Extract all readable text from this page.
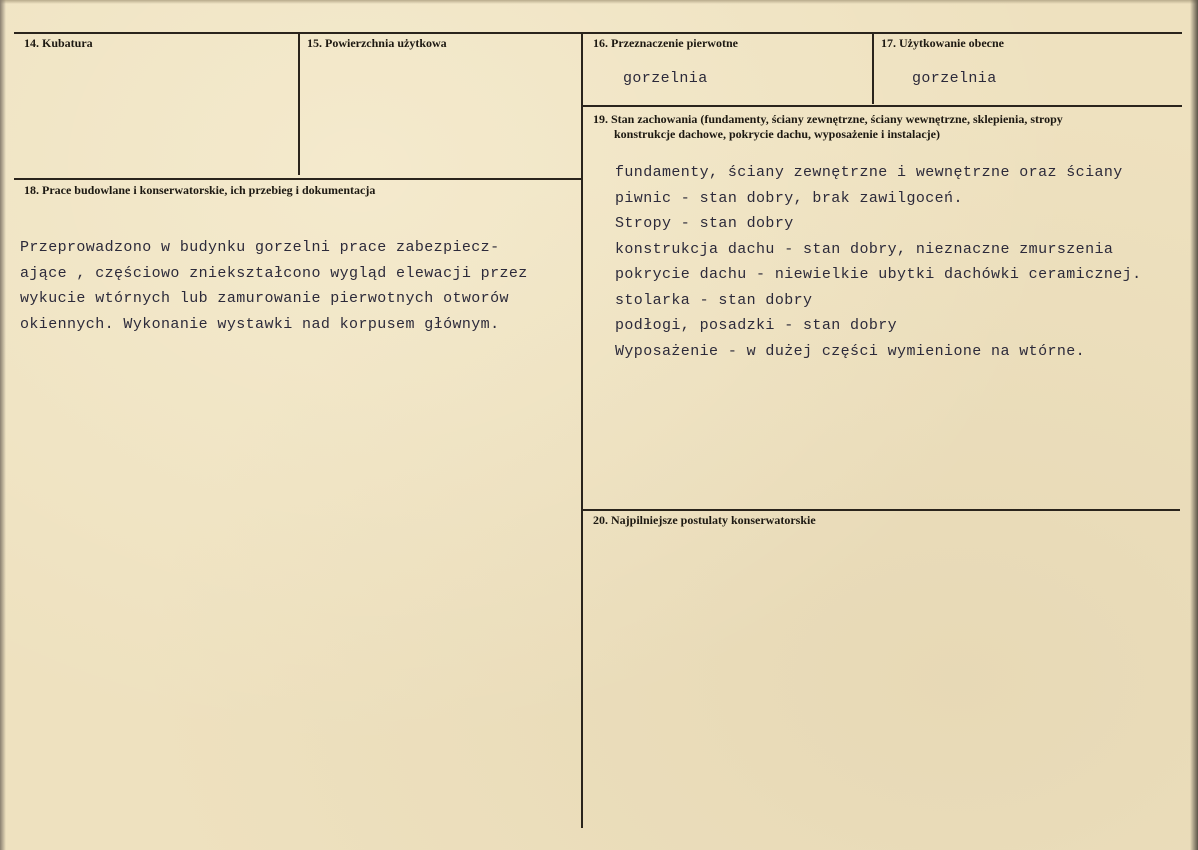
14. Kubatura	15. Powierzchnia użytkowa	16. Przeznaczenie pierwotne
gorzelnia
17. Użytkowanie obecne
gorzelnia
18. Prace budowlane i konserwatorskie, ich przebieg i dokumentacja
Przeprowadzono w budynku gorzelni prace zabezpiecz-
ające , częściowo zniekształcono wygląd elewacji przez
wykucie wtórnych lub zamurowanie pierwotnych otworów
okiennych. Wykonanie wystawki nad korpusem głównym.
19. Stan zachowania (fundamenty, ściany zewnętrzne, ściany wewnętrzne, sklepienia, stropy
konstrukcje dachowe, pokrycie dachu, wyposażenie i instalacje)
fundamenty, ściany zewnętrzne i wewnętrzne oraz ściany
piwnic - stan dobry, brak zawilgoceń.
Stropy - stan dobry
konstrukcja dachu - stan dobry, nieznaczne zmurszenia
pokrycie dachu - niewielkie ubytki dachówki ceramicznej.
stolarka - stan dobry
podłogi, posadzki - stan dobry
Wyposażenie - w dużej części wymienione na wtórne.
20. Najpilniejsze postulaty konserwatorskie
